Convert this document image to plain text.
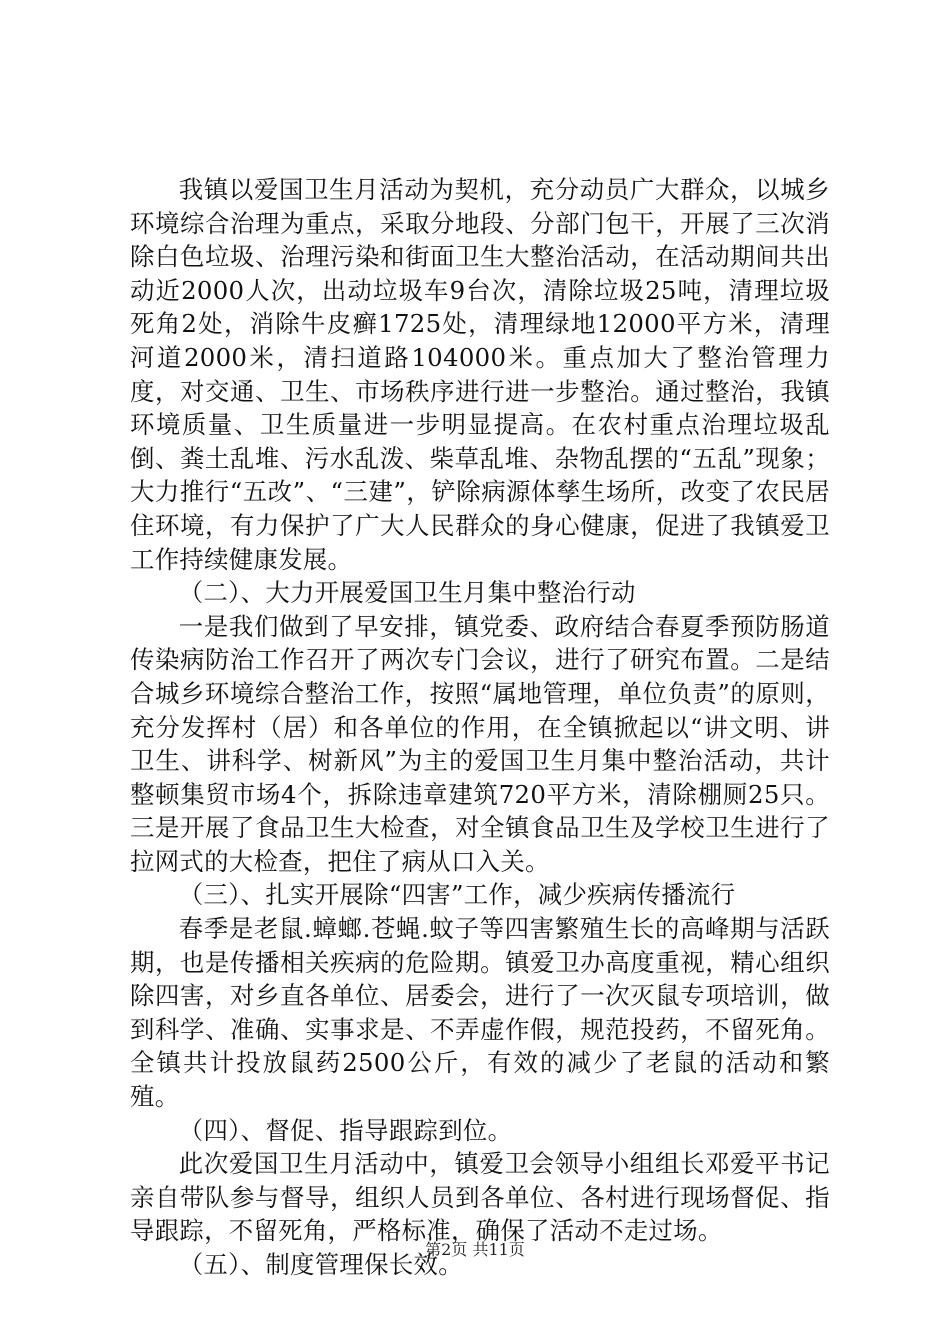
我镇以爱国卫生月活动为契机，充分动员广大群众，以城乡环境综合治理为重点，采取分地段、分部门包干，开展了三次消除白色垃圾、治理污染和街面卫生大整治活动，在活动期间共出动近2000人次，出动垃圾车9台次，清除垃圾25吨，清理垃圾死角2处，消除牛皮癣1725处，清理绿地12000平方米，清理河道2000米，清扫道路104000米。重点加大了整治管理力度，对交通、卫生、市场秩序进行进一步整治。通过整治，我镇环境质量、卫生质量进一步明显提高。在农村重点治理垃圾乱倒、粪土乱堆、污水乱泼、柴草乱堆、杂物乱摆的“五乱”现象；大力推行“五改”、“三建”，铲除病源体孳生场所，改变了农民居住环境，有力保护了广大人民群众的身心健康，促进了我镇爱卫工作持续健康发展。

（二）、大力开展爱国卫生月集中整治行动

一是我们做到了早安排，镇党委、政府结合春夏季预防肠道传染病防治工作召开了两次专门会议，进行了研究布置。二是结合城乡环境综合整治工作，按照“属地管理，单位负责”的原则，充分发挥村（居）和各单位的作用，在全镇掀起以“讲文明、讲卫生、讲科学、树新风”为主的爱国卫生月集中整治活动，共计整顿集贸市场4个，拆除违章建筑720平方米，清除棚厕25只。三是开展了食品卫生大检查，对全镇食品卫生及学校卫生进行了拉网式的大检查，把住了病从口入关。

（三）、扎实开展除“四害”工作，减少疾病传播流行

春季是老鼠.蟑螂.苍蝇.蚊子等四害繁殖生长的高峰期与活跃期，也是传播相关疾病的危险期。镇爱卫办高度重视，精心组织除四害，对乡直各单位、居委会，进行了一次灭鼠专项培训，做到科学、准确、实事求是、不弄虚作假，规范投药，不留死角。全镇共计投放鼠药2500公斤，有效的减少了老鼠的活动和繁殖。

（四）、督促、指导跟踪到位。

此次爱国卫生月活动中，镇爱卫会领导小组组长邓爱平书记亲自带队参与督导，组织人员到各单位、各村进行现场督促、指导跟踪，不留死角，严格标准，确保了活动不走过场。

（五）、制度管理保长效。

第2页 共11页
